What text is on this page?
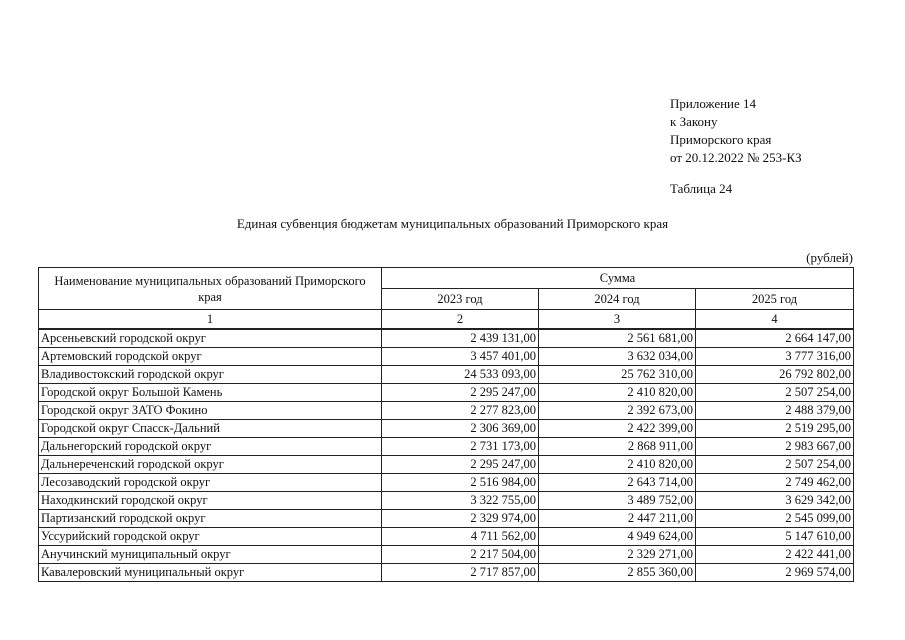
Приложение 14
к Закону
Приморского края
от 20.12.2022 № 253-КЗ
Таблица 24
Единая субвенция бюджетам муниципальных образований Приморского края
(рублей)
Наименование муниципальных образований Приморского края	Сумма		
	2023 год	2024 год	2025 год
1	2	3	4
Арсеньевский городской округ	2 439 131,00	2 561 681,00	2 664 147,00
Артемовский городской округ	3 457 401,00	3 632 034,00	3 777 316,00
Владивостокский городской округ	24 533 093,00	25 762 310,00	26 792 802,00
Городской округ Большой Камень	2 295 247,00	2 410 820,00	2 507 254,00
Городской округ ЗАТО Фокино	2 277 823,00	2 392 673,00	2 488 379,00
Городской округ Спасск-Дальний	2 306 369,00	2 422 399,00	2 519 295,00
Дальнегорский городской округ	2 731 173,00	2 868 911,00	2 983 667,00
Дальнереченский городской округ	2 295 247,00	2 410 820,00	2 507 254,00
Лесозаводский городской округ	2 516 984,00	2 643 714,00	2 749 462,00
Находкинский городской округ	3 322 755,00	3 489 752,00	3 629 342,00
Партизанский городской округ	2 329 974,00	2 447 211,00	2 545 099,00
Уссурийский городской округ	4 711 562,00	4 949 624,00	5 147 610,00
Анучинский муниципальный округ	2 217 504,00	2 329 271,00	2 422 441,00
Кавалеровский муниципальный округ	2 717 857,00	2 855 360,00	2 969 574,00
